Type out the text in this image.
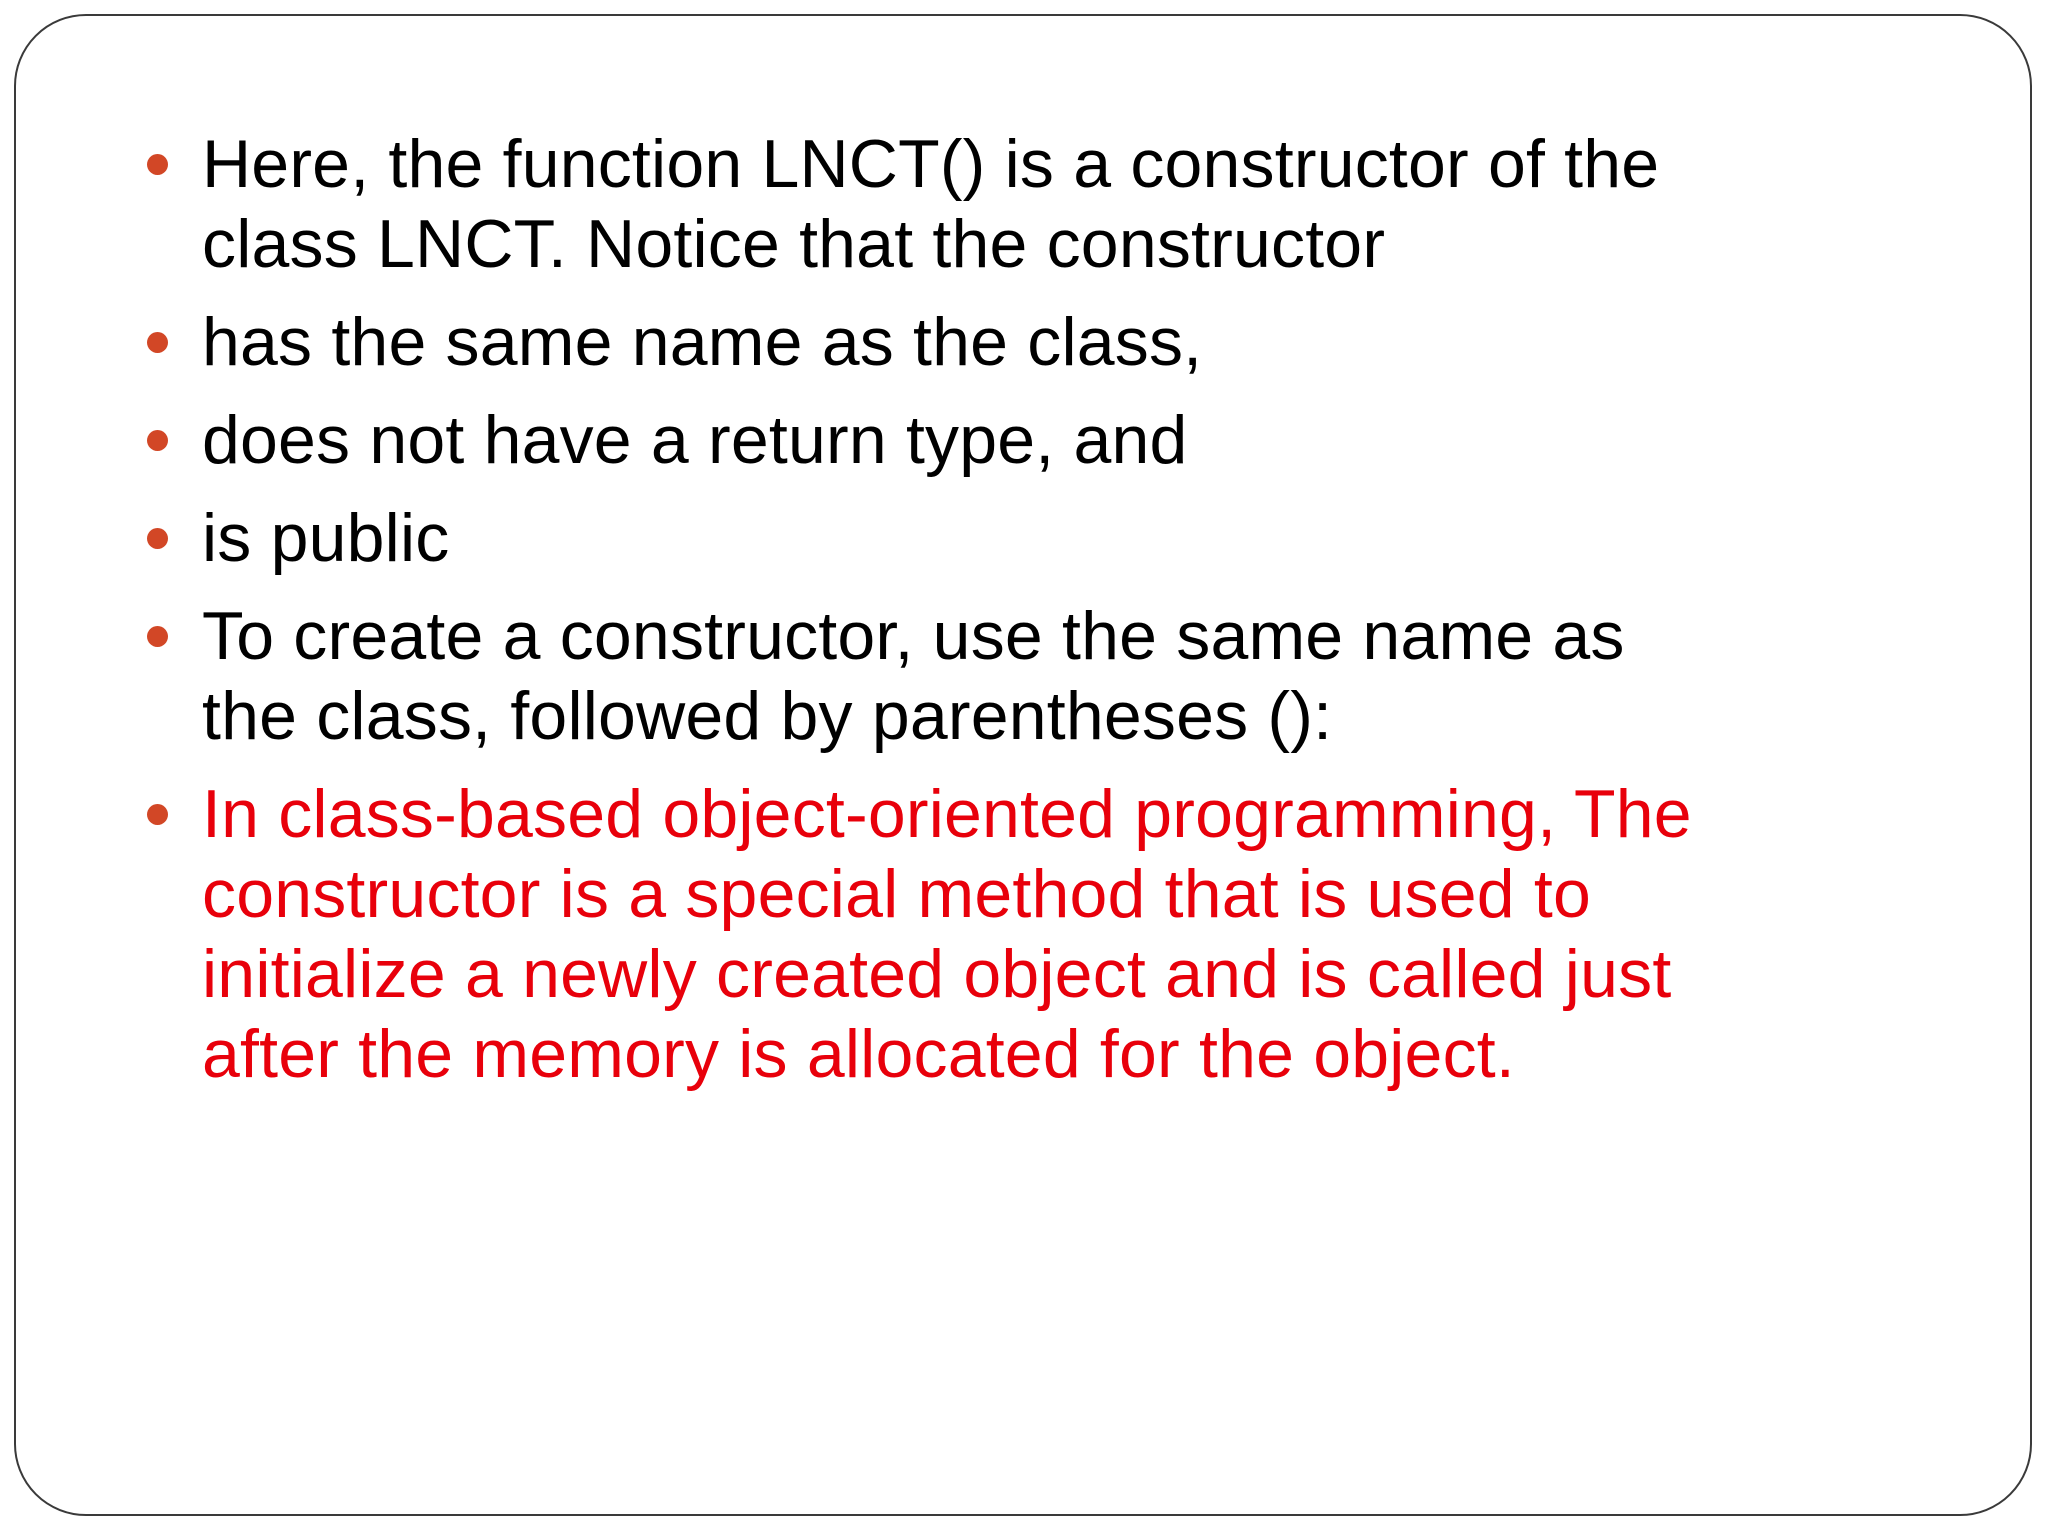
Here, the function LNCT() is a constructor of the
class LNCT. Notice that the constructor
has the same name as the class,
does not have a return type, and
is public
To create a constructor, use the same name as
the class, followed by parentheses ():
In class-based object-oriented programming, The
constructor is a special method that is used to
initialize a newly created object and is called just
after the memory is allocated for the object.
